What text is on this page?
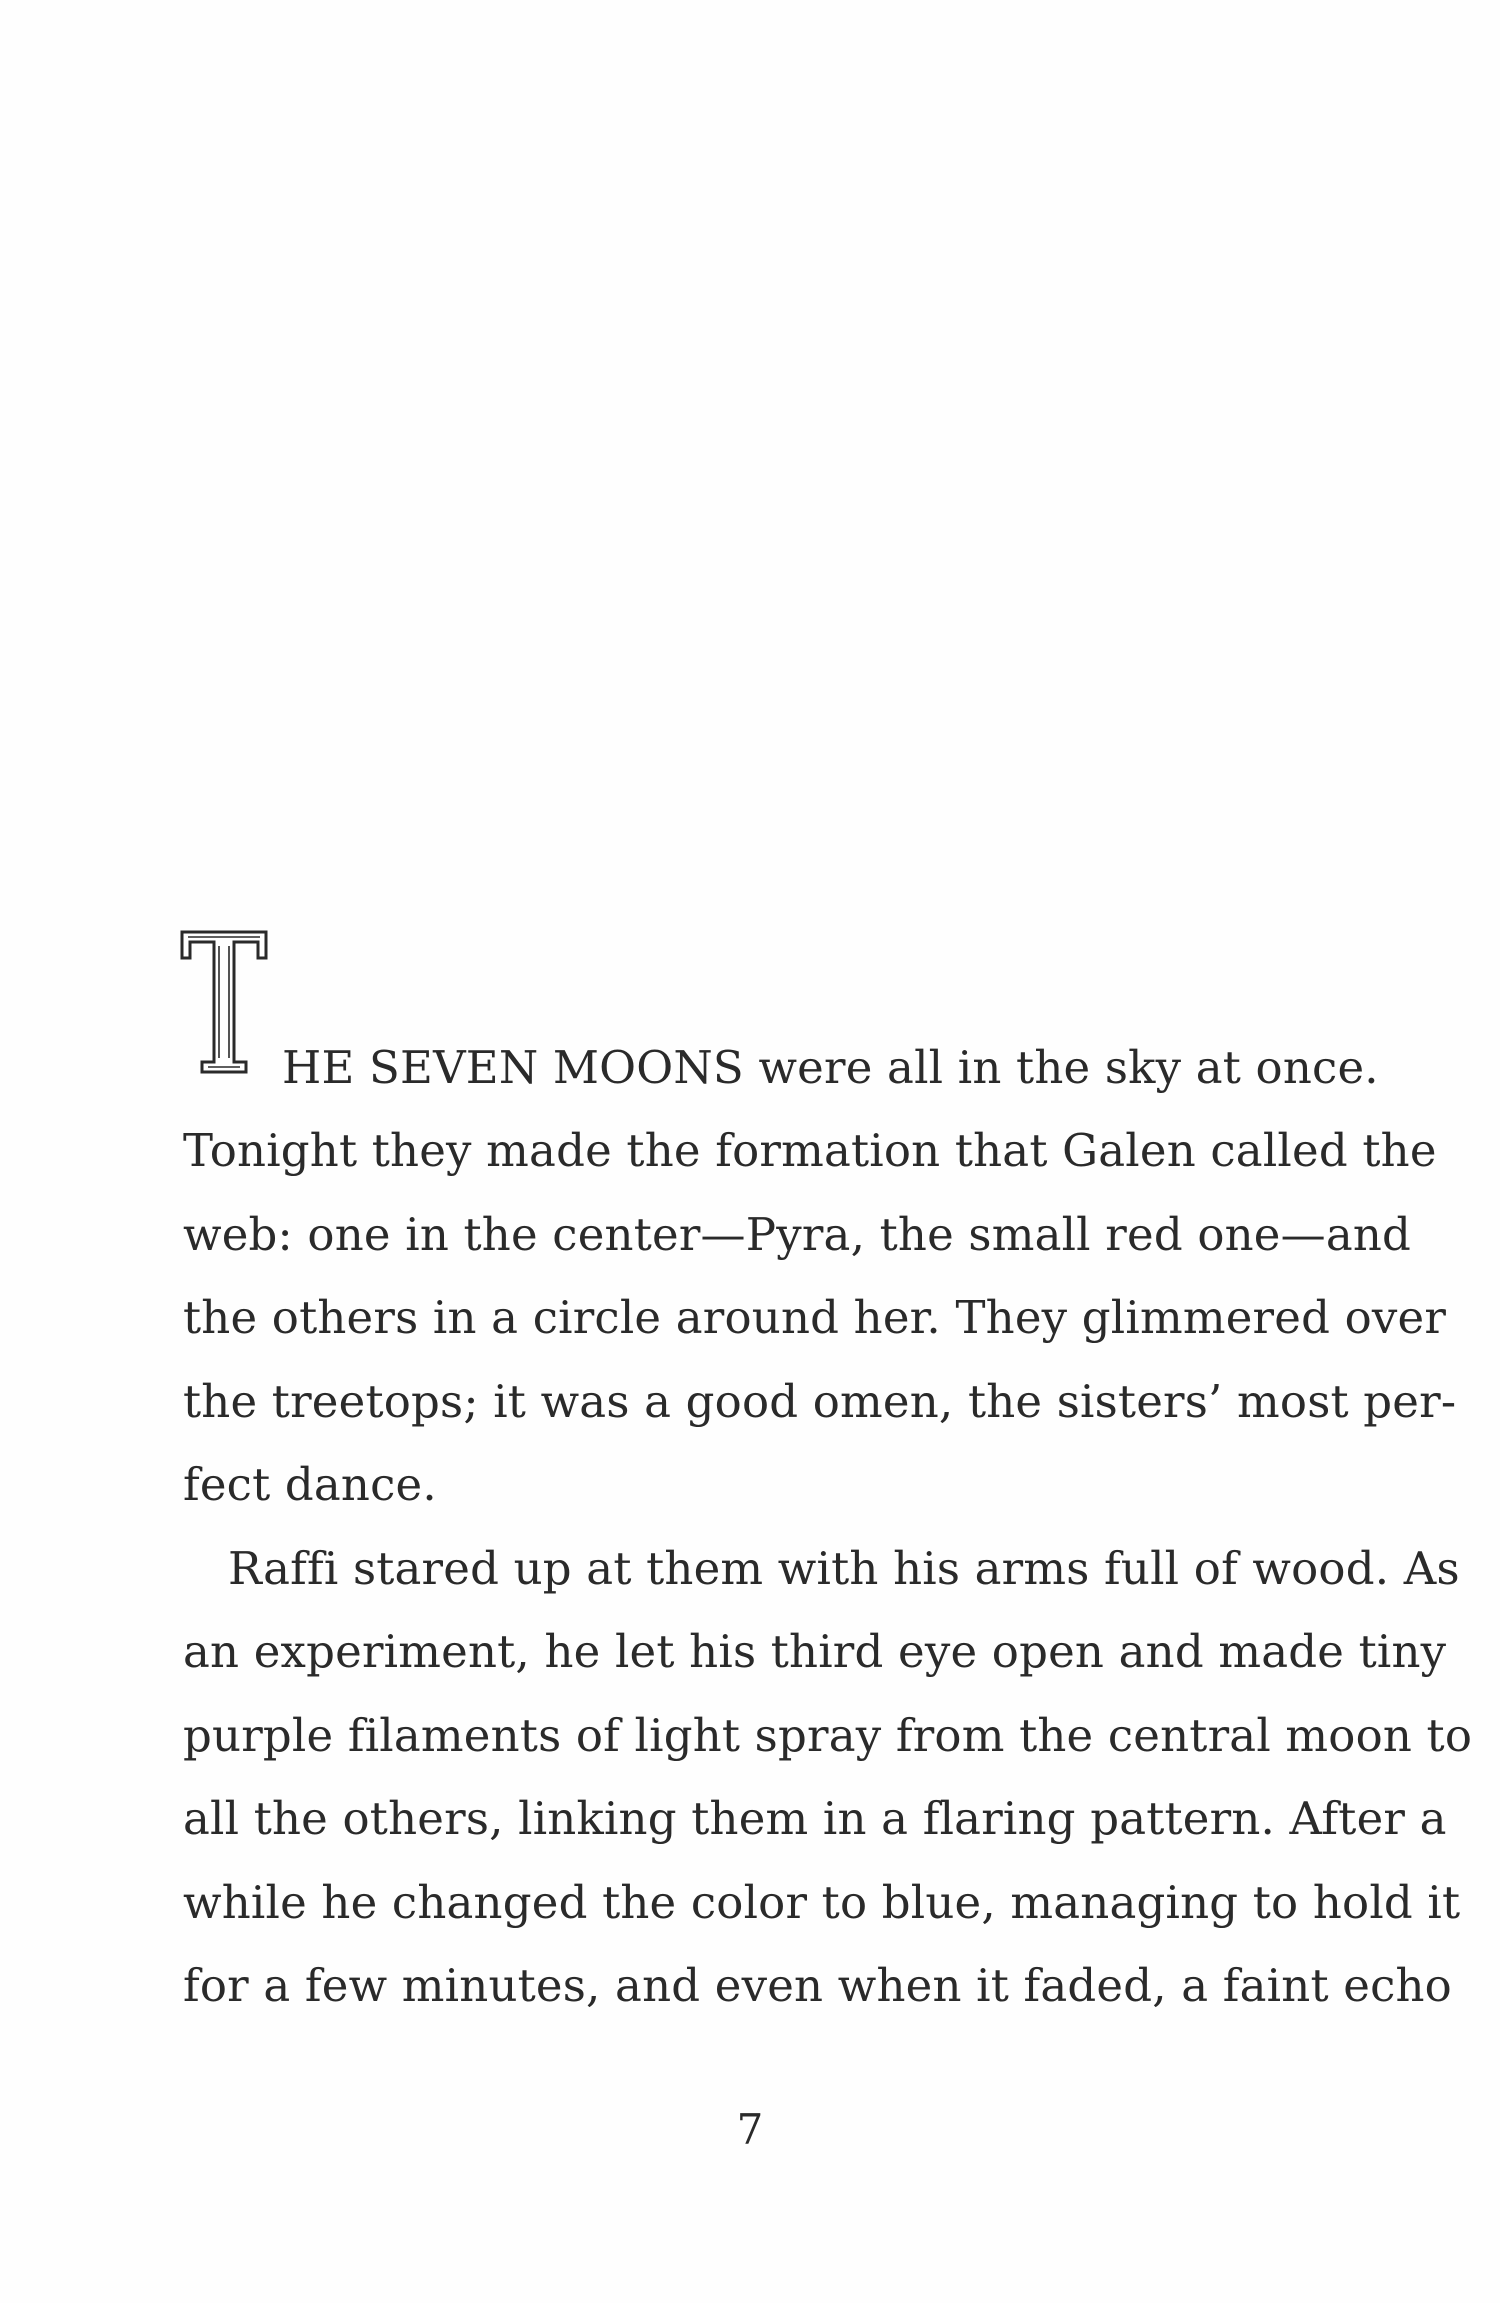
HE SEVEN MOONS were all in the sky at once.
Tonight they made the formation that Galen called the
web: one in the center—Pyra, the small red one—and
the others in a circle around her. They glimmered over
the treetops; it was a good omen, the sisters’ most per-
fect dance.
Raffi stared up at them with his arms full of wood. As
an experiment, he let his third eye open and made tiny
purple filaments of light spray from the central moon to
all the others, linking them in a flaring pattern. After a
while he changed the color to blue, managing to hold it
for a few minutes, and even when it faded, a faint echo
7
